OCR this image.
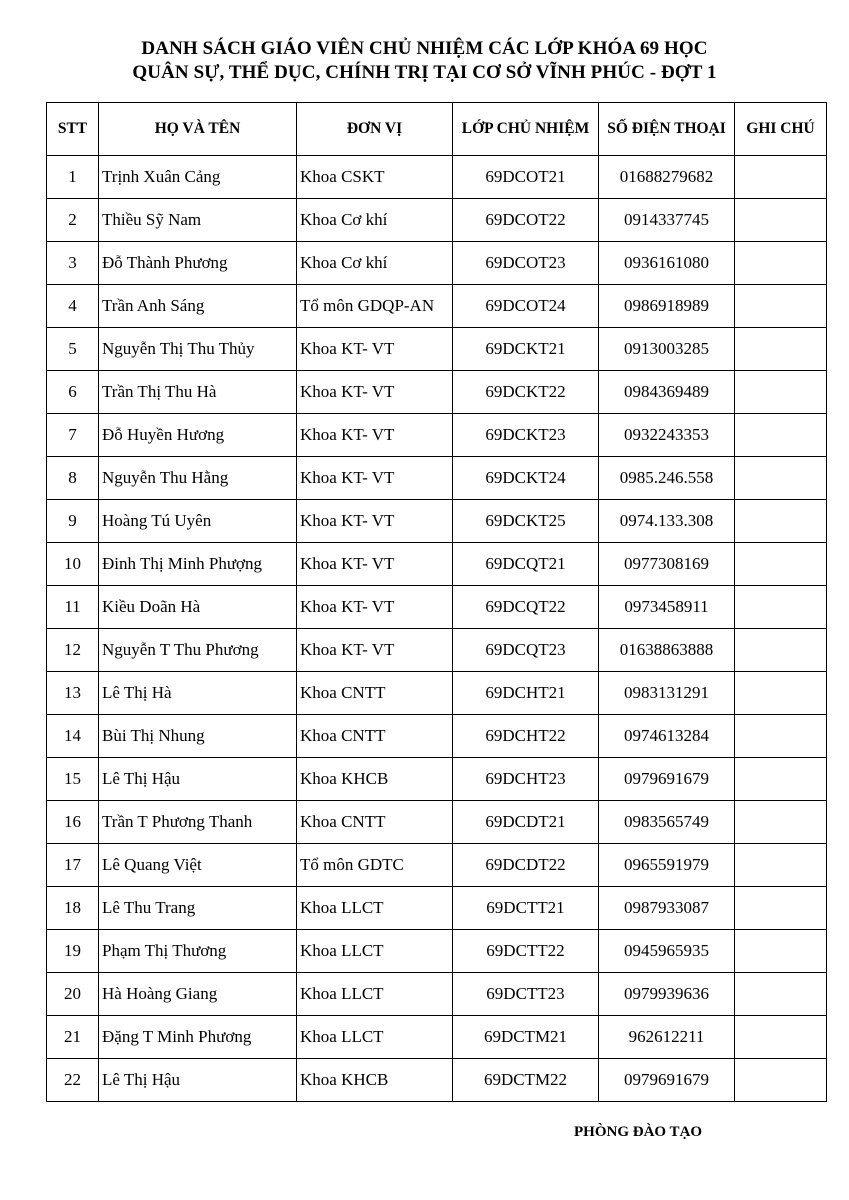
DANH SÁCH GIÁO VIÊN CHỦ NHIỆM CÁC LỚP KHÓA 69 HỌC
QUÂN SỰ, THỂ DỤC, CHÍNH TRỊ TẠI CƠ SỞ VĨNH PHÚC - ĐỢT 1
STT	HỌ VÀ TÊN	ĐƠN VỊ	LỚP CHỦ NHIỆM	SỐ ĐIỆN THOẠI	GHI CHÚ
1	Trịnh Xuân Cảng	Khoa CSKT	69DCOT21	01688279682	
2	Thiều Sỹ Nam	Khoa Cơ khí	69DCOT22	0914337745	
3	Đỗ Thành Phương	Khoa Cơ khí	69DCOT23	0936161080	
4	Trần Anh Sáng	Tổ môn GDQP-AN	69DCOT24	0986918989	
5	Nguyễn Thị Thu Thủy	Khoa KT- VT	69DCKT21	0913003285	
6	Trần Thị Thu Hà	Khoa KT- VT	69DCKT22	0984369489	
7	Đỗ Huyền Hương	Khoa KT- VT	69DCKT23	0932243353	
8	Nguyễn Thu Hằng	Khoa KT- VT	69DCKT24	0985.246.558	
9	Hoàng Tú Uyên	Khoa KT- VT	69DCKT25	0974.133.308	
10	Đinh Thị Minh Phượng	Khoa KT- VT	69DCQT21	0977308169	
11	Kiều Doãn Hà	Khoa KT- VT	69DCQT22	0973458911	
12	Nguyễn T Thu Phương	Khoa KT- VT	69DCQT23	01638863888	
13	Lê Thị Hà	Khoa CNTT	69DCHT21	0983131291	
14	Bùi Thị Nhung	Khoa CNTT	69DCHT22	0974613284	
15	Lê Thị Hậu	Khoa KHCB	69DCHT23	0979691679	
16	Trần T Phương Thanh	Khoa CNTT	69DCDT21	0983565749	
17	Lê Quang Việt	Tổ môn GDTC	69DCDT22	0965591979	
18	Lê Thu Trang	Khoa LLCT	69DCTT21	0987933087	
19	Phạm Thị Thương	Khoa LLCT	69DCTT22	0945965935	
20	Hà Hoàng Giang	Khoa LLCT	69DCTT23	0979939636	
21	Đặng T Minh Phương	Khoa LLCT	69DCTM21	962612211	
22	Lê Thị Hậu	Khoa KHCB	69DCTM22	0979691679	
PHÒNG ĐÀO TẠO
